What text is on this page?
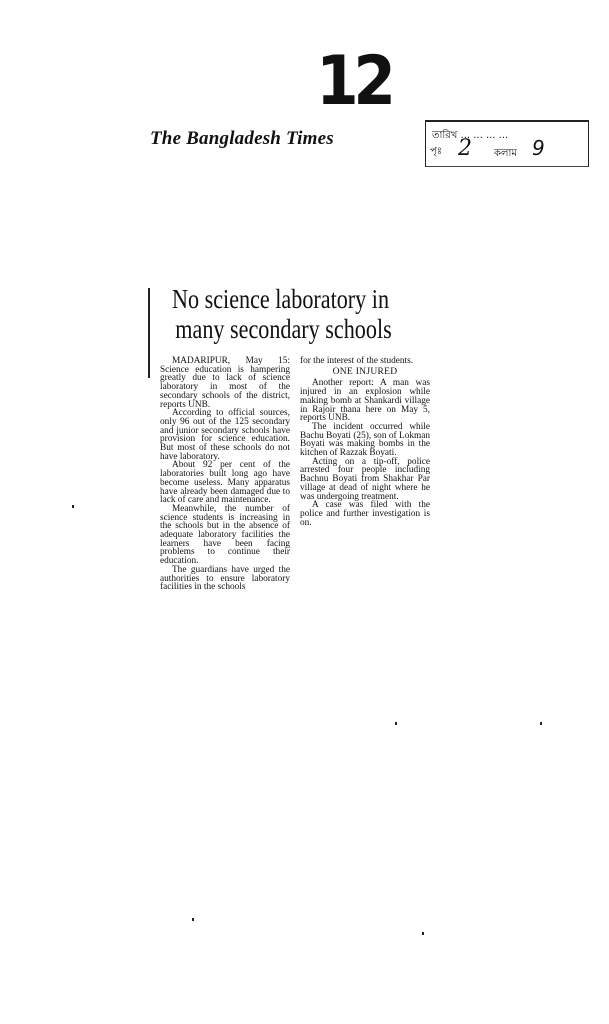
12
The Bangladesh Times	তারিখ ... ... ... ...
পৃঃ 2 কলাম 9
No science laboratory in
many secondary schools

MADARIPUR, May 15: Science education is hampering greatly due to lack of science laboratory in most of the secondary schools of the district, reports UNB.

According to official sources, only 96 out of the 125 secondary and junior secondary schools have provision for science education. But most of these schools do not have laboratory.

About 92 per cent of the laboratories built long ago have become useless. Many apparatus have already been damaged due to lack of care and maintenance.

Meanwhile, the number of science students is increasing in the schools but in the absence of adequate laboratory facilities the learners have been facing problems to continue their education.

The guardians have urged the authorities to ensure laboratory facilities in the schools

for the interest of the students.

ONE INJURED

Another report: A man was injured in an explosion while making bomb at Shankardi village in Rajoir thana here on May 5, reports UNB.

The incident occurred while Bachu Boyati (25), son of Lokman Boyati was making bombs in the kitchen of Razzak Boyati.

Acting on a tip-off, police arrested four people including Bachnu Boyati from Shakhar Par village at dead of night where he was undergoing treatment.

A case was filed with the police and further investigation is on.
